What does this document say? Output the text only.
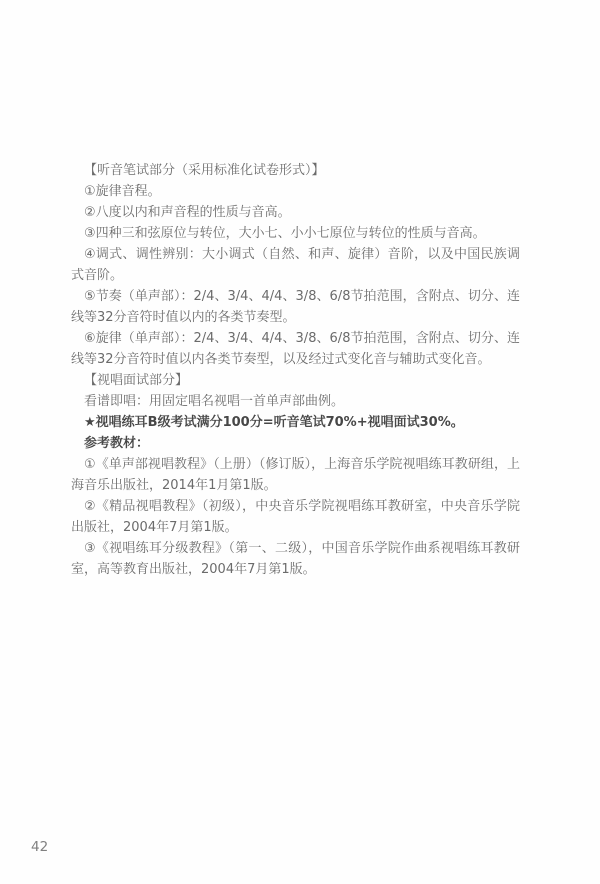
【听音笔试部分（采用标准化试卷形式）】

①旋律音程。

②八度以内和声音程的性质与音高。

③四种三和弦原位与转位，大小七、小小七原位与转位的性质与音高。

④调式、调性辨别：大小调式（自然、和声、旋律）音阶，以及中国民族调式音阶。

⑤节奏（单声部）：2/4、3/4、4/4、3/8、6/8节拍范围，含附点、切分、连线等32分音符时值以内的各类节奏型。

⑥旋律（单声部）：2/4、3/4、4/4、3/8、6/8节拍范围，含附点、切分、连线等32分音符时值以内各类节奏型，以及经过式变化音与辅助式变化音。

【视唱面试部分】

看谱即唱：用固定唱名视唱一首单声部曲例。

★视唱练耳B级考试满分100分=听音笔试70%+视唱面试30%。

参考教材：

①《单声部视唱教程》（上册）（修订版），上海音乐学院视唱练耳教研组，上海音乐出版社，2014年1月第1版。

②《精品视唱教程》（初级），中央音乐学院视唱练耳教研室，中央音乐学院出版社，2004年7月第1版。

③《视唱练耳分级教程》（第一、二级），中国音乐学院作曲系视唱练耳教研室，高等教育出版社，2004年7月第1版。

42
